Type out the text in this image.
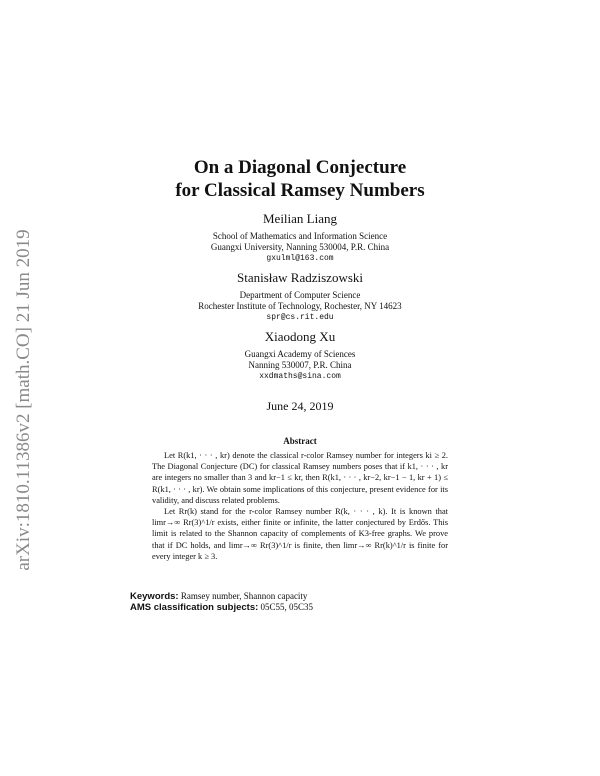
arXiv:1810.11386v2 [math.CO] 21 Jun 2019
On a Diagonal Conjecture
for Classical Ramsey Numbers
Meilian Liang
School of Mathematics and Information Science
Guangxi University, Nanning 530004, P.R. China
gxulml@163.com
Stanisław Radziszowski
Department of Computer Science
Rochester Institute of Technology, Rochester, NY 14623
spr@cs.rit.edu
Xiaodong Xu
Guangxi Academy of Sciences
Nanning 530007, P.R. China
xxdmaths@sina.com
June 24, 2019
Abstract

Let R(k1, · · · , kr) denote the classical r-color Ramsey number for integers ki ≥ 2. The Diagonal Conjecture (DC) for classical Ramsey numbers poses that if k1, · · · , kr are integers no smaller than 3 and kr−1 ≤ kr, then R(k1, · · · , kr−2, kr−1 − 1, kr + 1) ≤ R(k1, · · · , kr). We obtain some implications of this conjecture, present evidence for its validity, and discuss related problems.

Let Rr(k) stand for the r-color Ramsey number R(k, · · · , k). It is known that limr→∞ Rr(3)^1/r exists, either finite or infinite, the latter conjectured by Erdős. This limit is related to the Shannon capacity of complements of K3-free graphs. We prove that if DC holds, and limr→∞ Rr(3)^1/r is finite, then limr→∞ Rr(k)^1/r is finite for every integer k ≥ 3.

Keywords: Ramsey number, Shannon capacity
AMS classification subjects: 05C55, 05C35
